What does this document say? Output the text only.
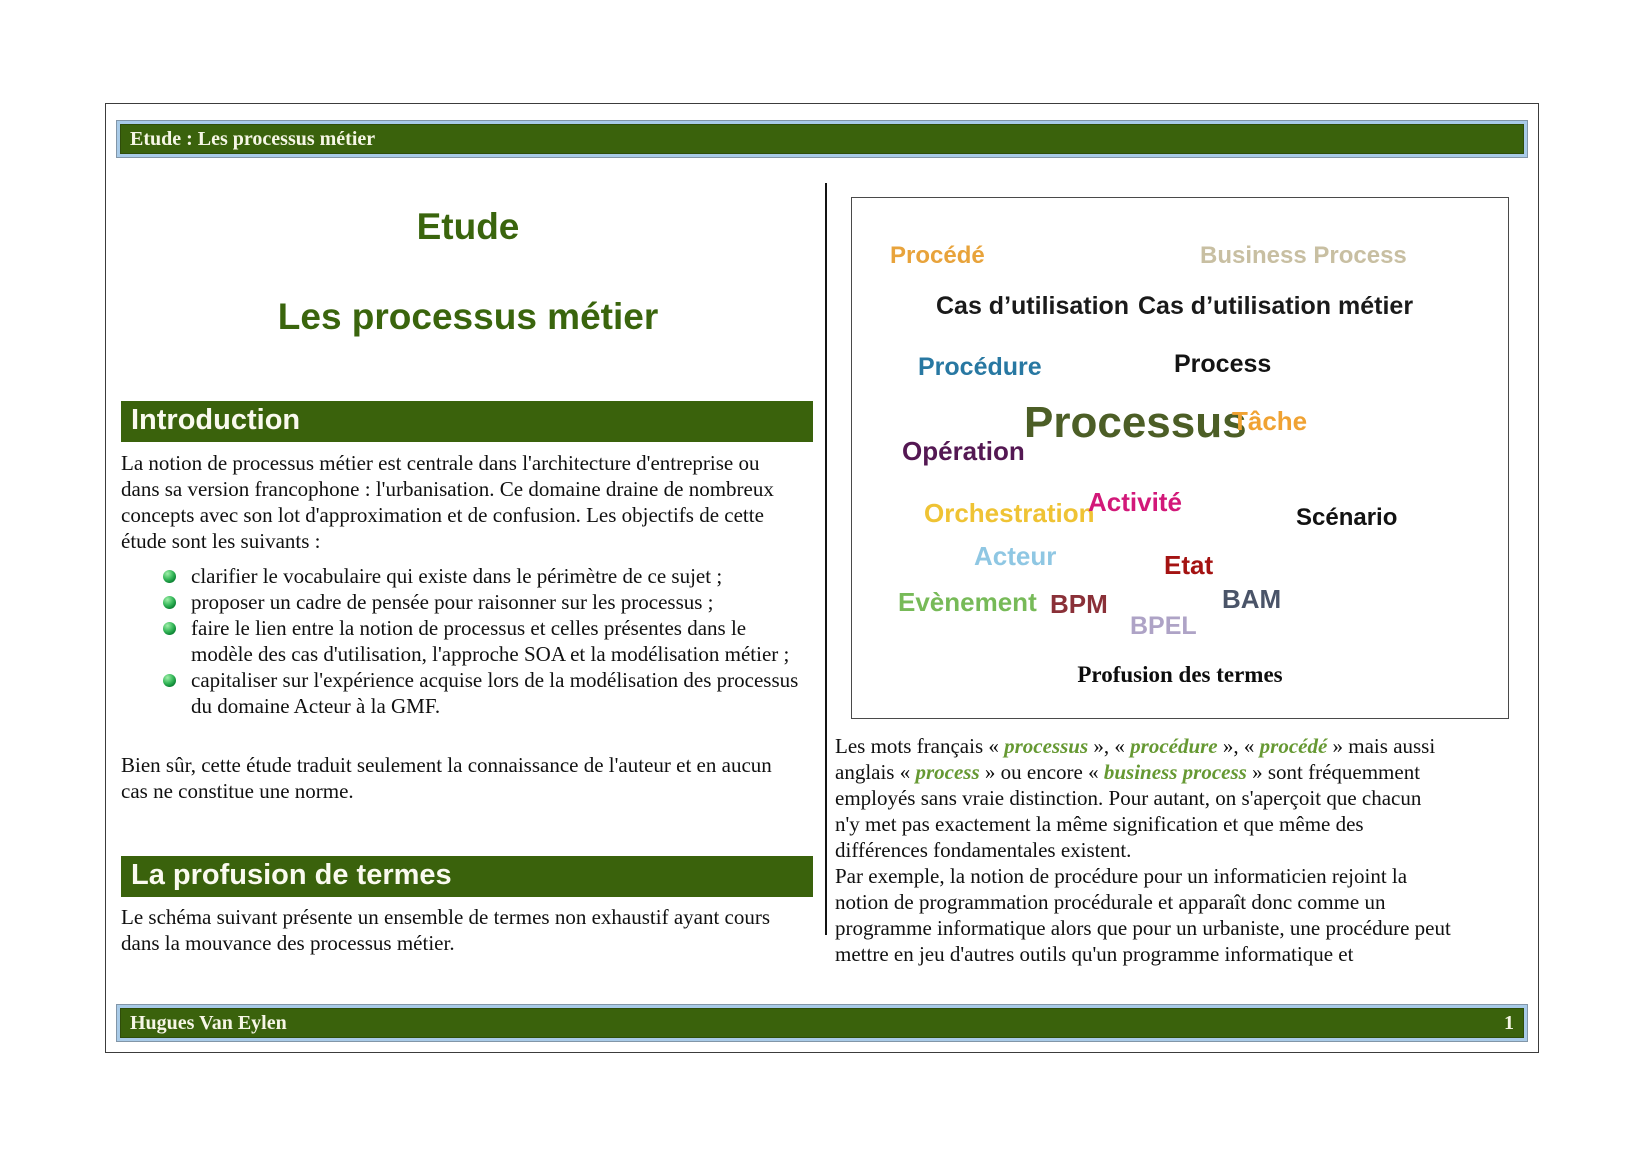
Etude : Les processus métier
Etude
Les processus métier
Introduction
La notion de processus métier est centrale dans l'architecture d'entreprise ou dans sa version francophone : l'urbanisation. Ce domaine draine de nombreux concepts avec son lot d'approximation et de confusion. Les objectifs de cette étude sont les suivants :
clarifier le vocabulaire qui existe dans le périmètre de ce sujet ;
proposer un cadre de pensée pour raisonner sur les processus ;
faire le lien entre la notion de processus et celles présentes dans le modèle des cas d'utilisation, l'approche SOA et la modélisation métier ;
capitaliser sur l'expérience acquise lors de la modélisation des processus du domaine Acteur à la GMF.
Bien sûr, cette étude traduit seulement la connaissance de l'auteur et en aucun cas ne constitue une norme.
La profusion de termes
Le schéma suivant présente un ensemble de termes non exhaustif ayant cours dans la mouvance des processus métier.
Profusion des termes
Procédé	Business Process
Cas d’utilisation Cas d’utilisation métier
Procédure	Process
Processus
Tâche
Opération
Orchestration
Activité
Scénario
Acteur	Etat
Evènement BPM	BAM
BPEL

Les mots français « processus », « procédure », « procédé » mais aussi anglais « process » ou encore « business process » sont fréquemment employés sans vraie distinction. Pour autant, on s'aperçoit que chacun n'y met pas exactement la même signification et que même des différences fondamentales existent.

Par exemple, la notion de procédure pour un informaticien rejoint la notion de programmation procédurale et apparaît donc comme un programme informatique alors que pour un urbaniste, une procédure peut mettre en jeu d'autres outils qu'un programme informatique et

Hugues Van Eylen	1
